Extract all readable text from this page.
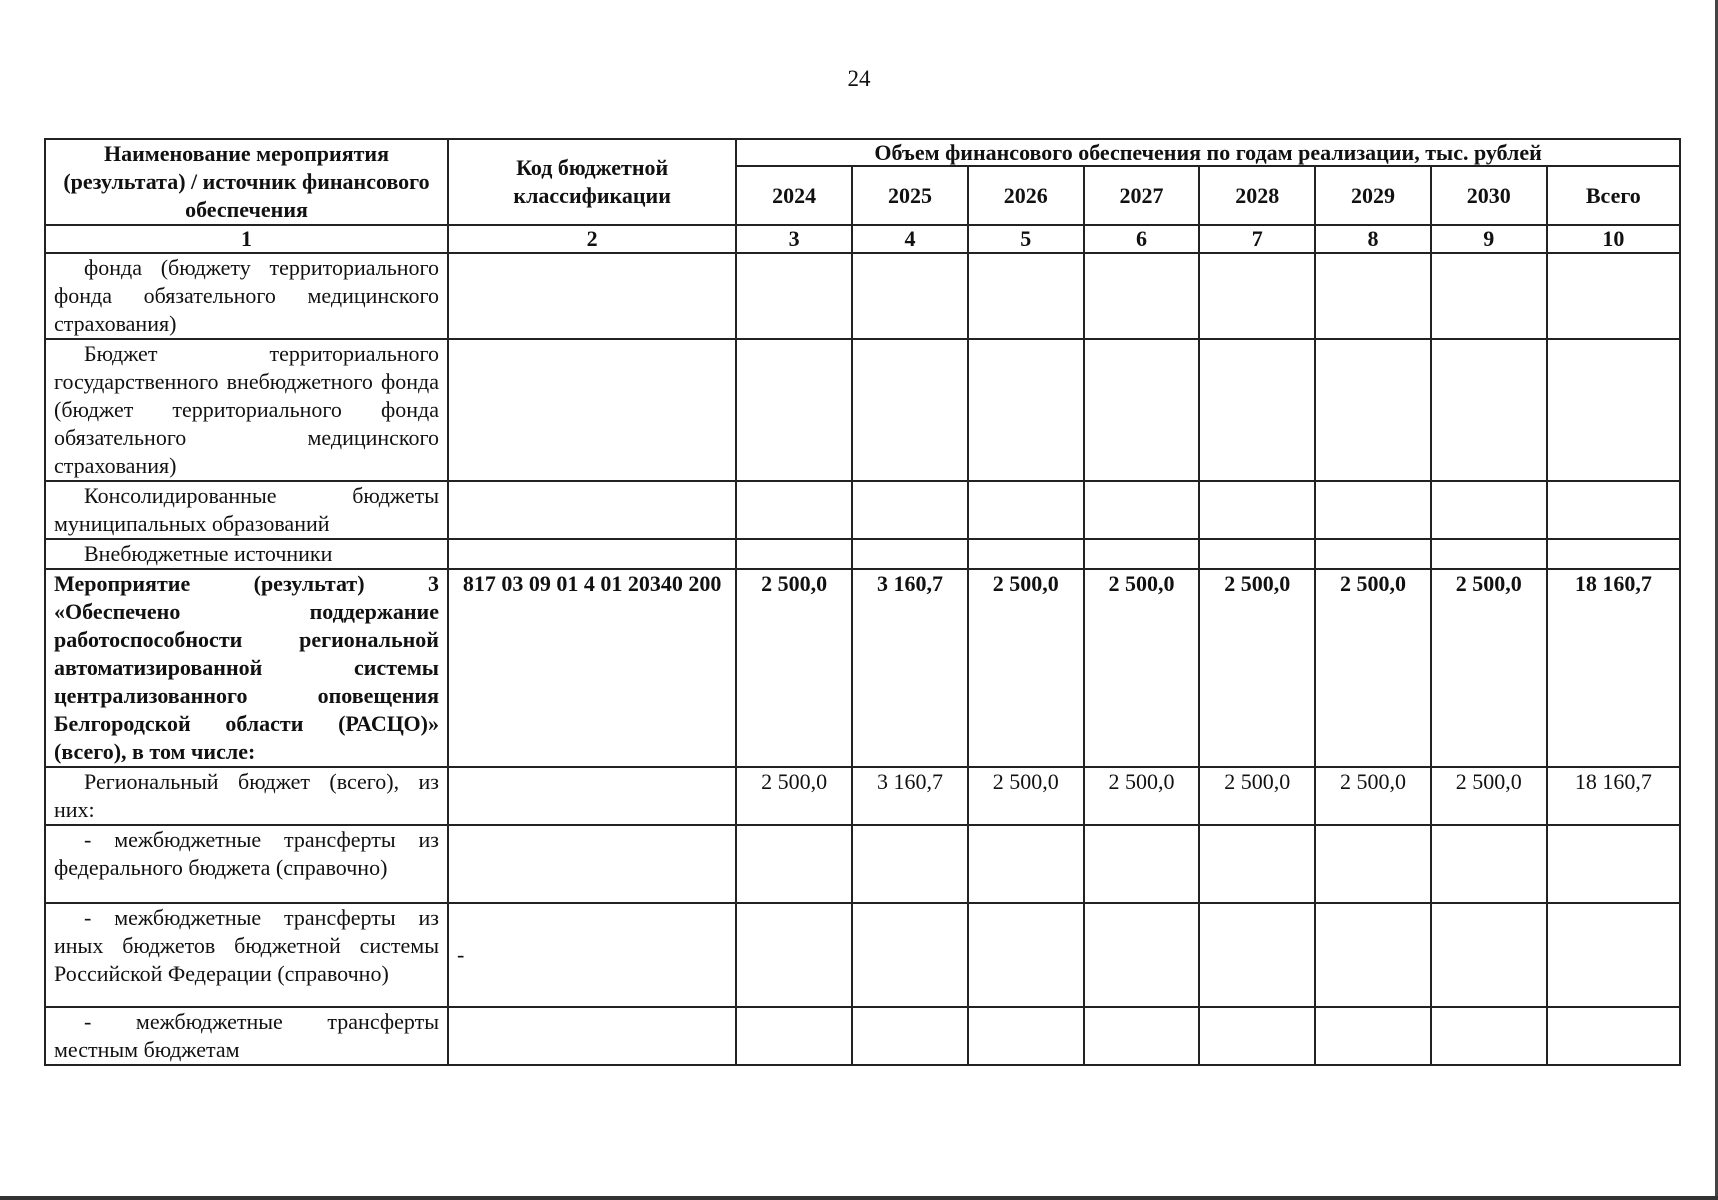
24
Наименование мероприятия (результата) / источник финансового обеспечения	Код бюджетной классификации	Объем финансового обеспечения по годам реализации, тыс. рублей							
		2024	2025	2026	2027	2028	2029	2030	Всего
1	2	3	4	5	6	7	8	9	10
фонда (бюджету территориального фонда обязательного медицинского страхования)									
Бюджет территориального государственного внебюджетного фонда (бюджет территориального фонда обязательного медицинского страхования)									
Консолидированные бюджеты муниципальных образований									
Внебюджетные источники									
Мероприятие (результат) 3 «Обеспечено поддержание работоспособности региональной автоматизированной системы централизованного оповещения Белгородской области (РАСЦО)» (всего), в том числе:	817 03 09 01 4 01 20340 200	2 500,0	3 160,7	2 500,0	2 500,0	2 500,0	2 500,0	2 500,0	18 160,7
Региональный бюджет (всего), из них:		2 500,0	3 160,7	2 500,0	2 500,0	2 500,0	2 500,0	2 500,0	18 160,7
- межбюджетные трансферты из федерального бюджета (справочно)									
- межбюджетные трансферты из иных бюджетов бюджетной системы Российской Федерации (справочно)	-								
- межбюджетные трансферты местным бюджетам									
